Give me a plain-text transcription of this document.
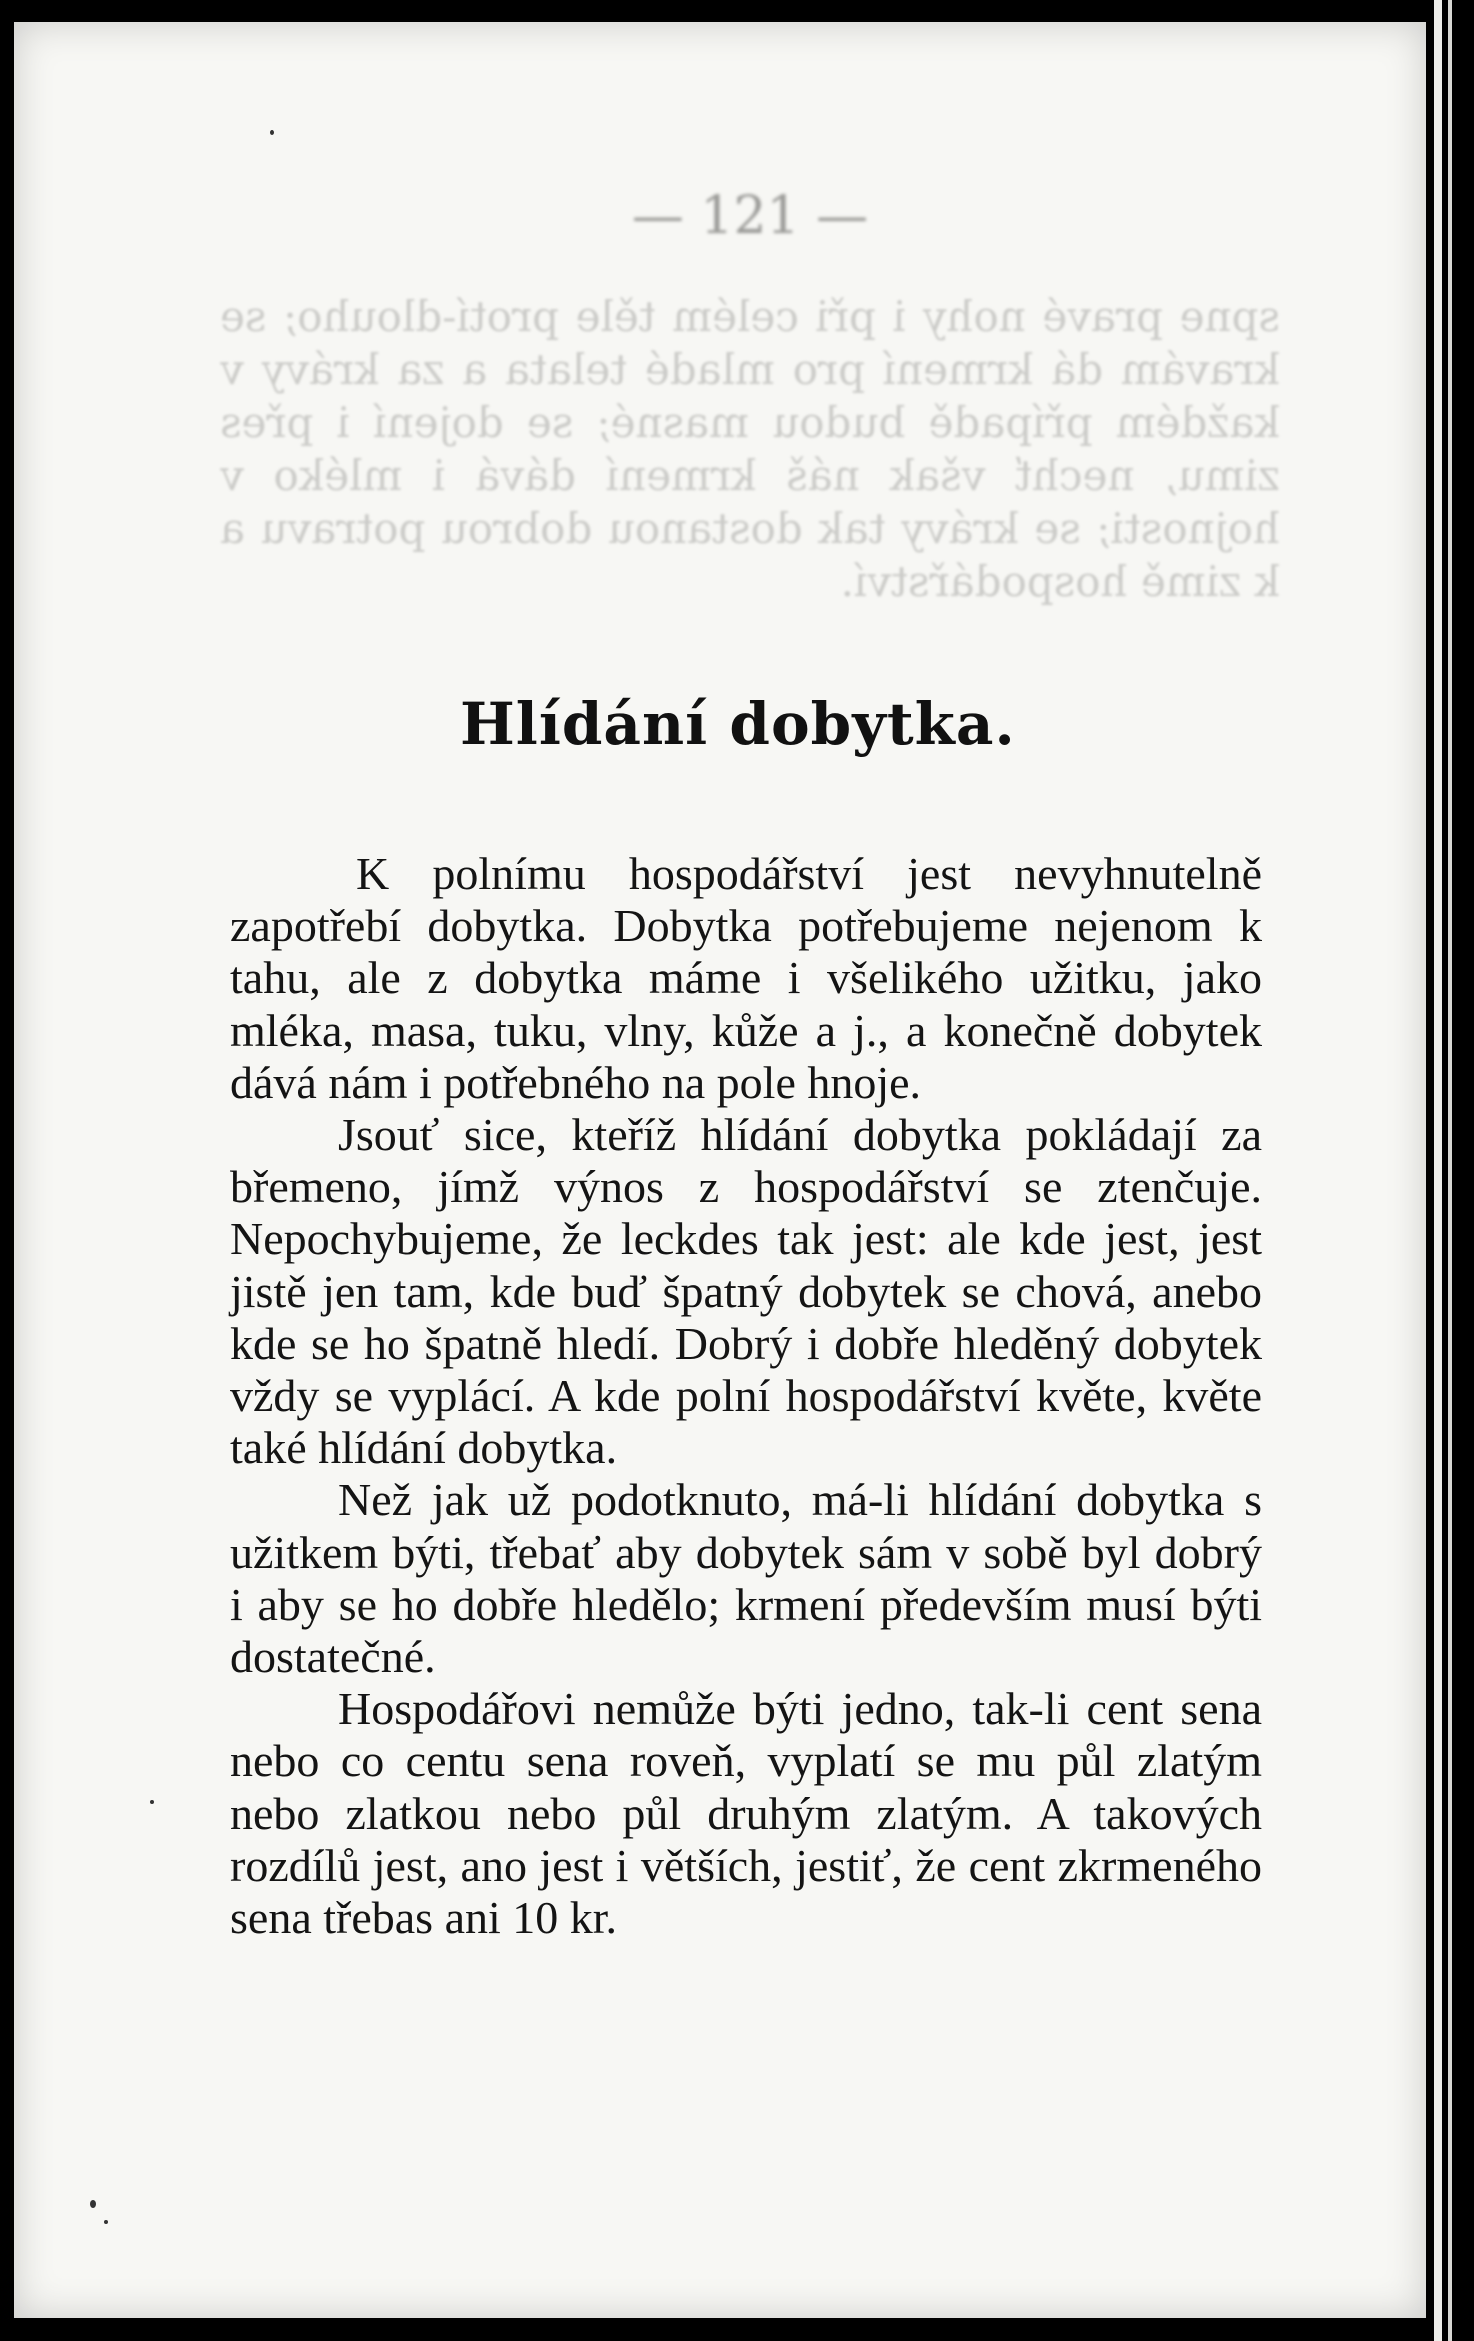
spne pravé nohy i při celém těle protí-dlouho; se kravám dá krmení pro mladé telata a za krávy v každém případě budou masné; se dojení i přes zimu, nechť však náš krmení dává i mléko v hojnosti; se krávy tak dostanou dobrou potravu a k zimě hospodářství.
— 121 —
Hlídání dobytka.

K polnímu hospodářství jest nevyhnutelně zapotřebí dobytka. Dobytka potřebujeme nejenom k tahu, ale z dobytka máme i všelikého užitku, jako mléka, masa, tuku, vlny, kůže a j., a konečně dobytek dává nám i potřebného na pole hnoje.

Jsouť sice, kteříž hlídání dobytka pokládají za břemeno, jímž výnos z hospodářství se ztenčuje. Nepochybujeme, že leckdes tak jest: ale kde jest, jest jistě jen tam, kde buď špatný dobytek se chová, anebo kde se ho špatně hledí. Dobrý i dobře hleděný dobytek vždy se vyplácí. A kde polní hospodářství květe, květe také hlídání dobytka.

Než jak už podotknuto, má-li hlídání dobytka s užitkem býti, třebať aby dobytek sám v sobě byl dobrý i aby se ho dobře hledělo; krmení především musí býti dostatečné.

Hospodářovi nemůže býti jedno, tak-li cent sena nebo co centu sena roveň, vyplatí se mu půl zlatým nebo zlatkou nebo půl druhým zlatým. A takových rozdílů jest, ano jest i větších, jestiť, že cent zkrmeného sena třebas ani 10 kr.
